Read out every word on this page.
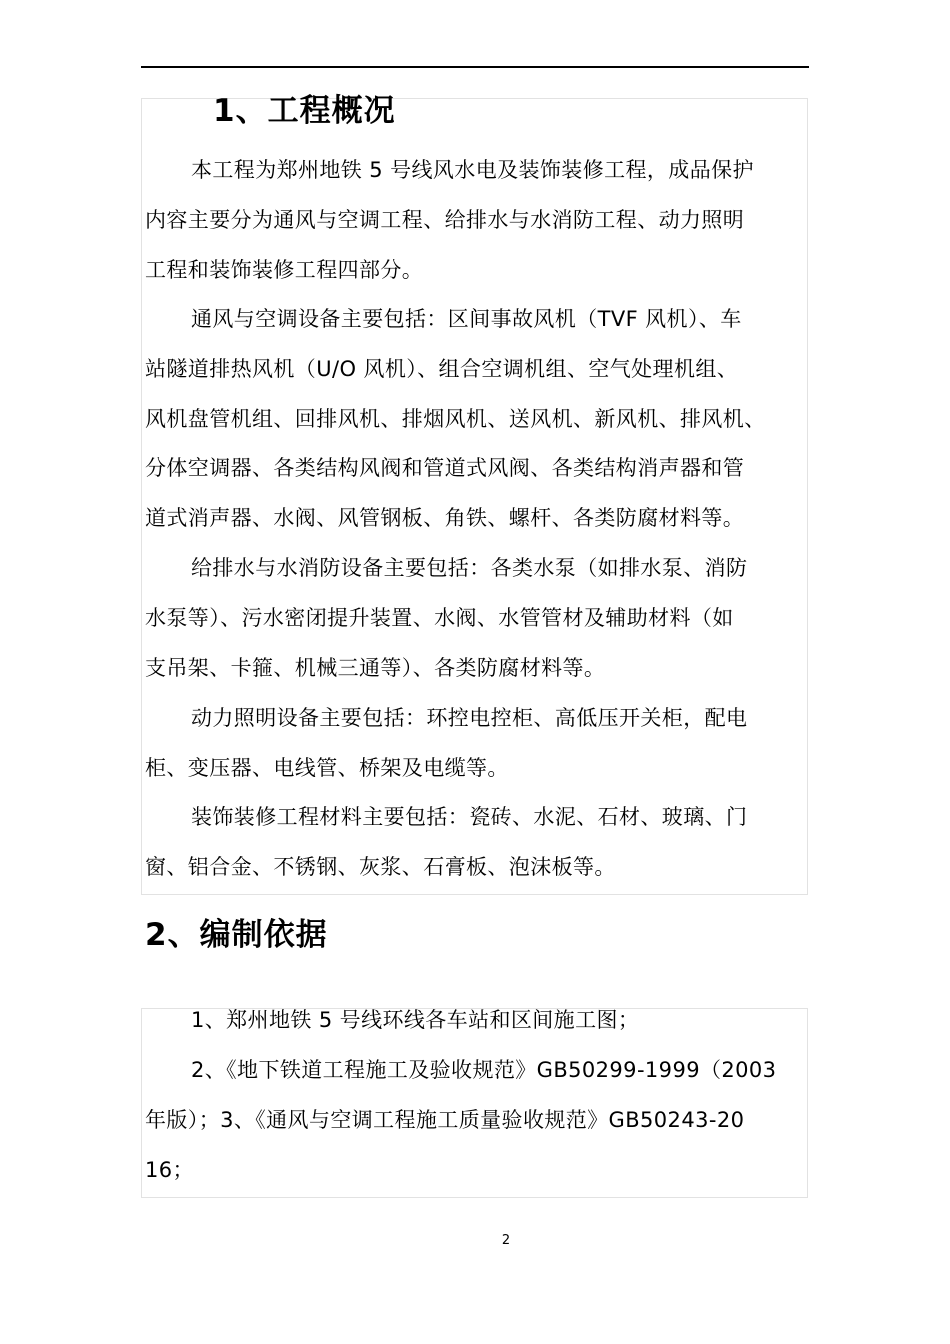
1、工程概况

本工程为郑州地铁 5 号线风水电及装饰装修工程，成品保护
内容主要分为通风与空调工程、给排水与水消防工程、动力照明
工程和装饰装修工程四部分。

通风与空调设备主要包括：区间事故风机（TVF 风机）、车
站隧道排热风机（U/O 风机）、组合空调机组、空气处理机组、
风机盘管机组、回排风机、排烟风机、送风机、新风机、排风机、
分体空调器、各类结构风阀和管道式风阀、各类结构消声器和管
道式消声器、水阀、风管钢板、角铁、螺杆、各类防腐材料等。

给排水与水消防设备主要包括：各类水泵（如排水泵、消防
水泵等）、污水密闭提升装置、水阀、水管管材及辅助材料（如
支吊架、卡箍、机械三通等）、各类防腐材料等。

动力照明设备主要包括：环控电控柜、高低压开关柜，配电
柜、变压器、电线管、桥架及电缆等。

装饰装修工程材料主要包括：瓷砖、水泥、石材、玻璃、门
窗、铝合金、不锈钢、灰浆、石膏板、泡沫板等。

2、编制依据

1、郑州地铁 5 号线环线各车站和区间施工图；

2、《地下铁道工程施工及验收规范》GB50299-1999（2003
年版）；3、《通风与空调工程施工质量验收规范》GB50243-20
16；

2
